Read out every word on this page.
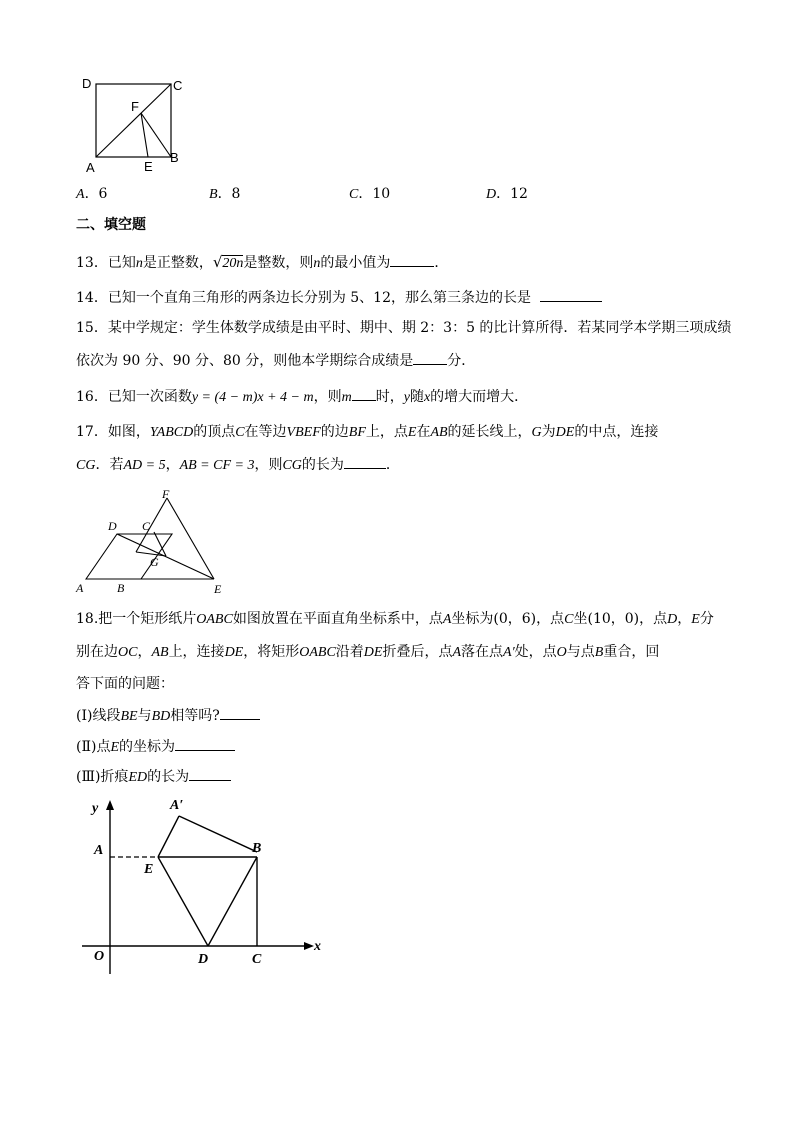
D	C
F
A	E
B
A．6	B．8	C．10	D．12
二、填空题
13．已知n是正整数，√20n是整数，则n的最小值为	．
14．已知一个直角三角形的两条边长分别为 5、12，那么第三条边的长是
15．某中学规定：学生体数学成绩是由平时、期中、期 2：3：5 的比计算所得．若某同学本学期三项成绩
依次为 90 分、90 分、80 分，则他本学期综合成绩是 分．
16．已知一次函数y = (4 − m)x + 4 − m，则m 时，y随x的增大而增大．
17．如图，YABCD的顶点C在等边VBEF的边BF上，点E在AB的延长线上，G为DE的中点，连接
CG．若AD = 5，AB = CF = 3，则CG的长为	．
F
D C
G
A	B	E
18.把一个矩形纸片OABC如图放置在平面直角坐标系中，点A坐标为(0，6)，点C坐(10，0)，点D，E分
别在边OC，AB上，连接DE，将矩形OABC沿着DE折叠后，点A落在点A′处，点O与点B重合，回
答下面的问题：
(Ⅰ)线段BE与BD相等吗?
(Ⅱ)点E的坐标为
(Ⅲ)折痕ED的长为
y	A′
A
E
B
O	D	C
x
